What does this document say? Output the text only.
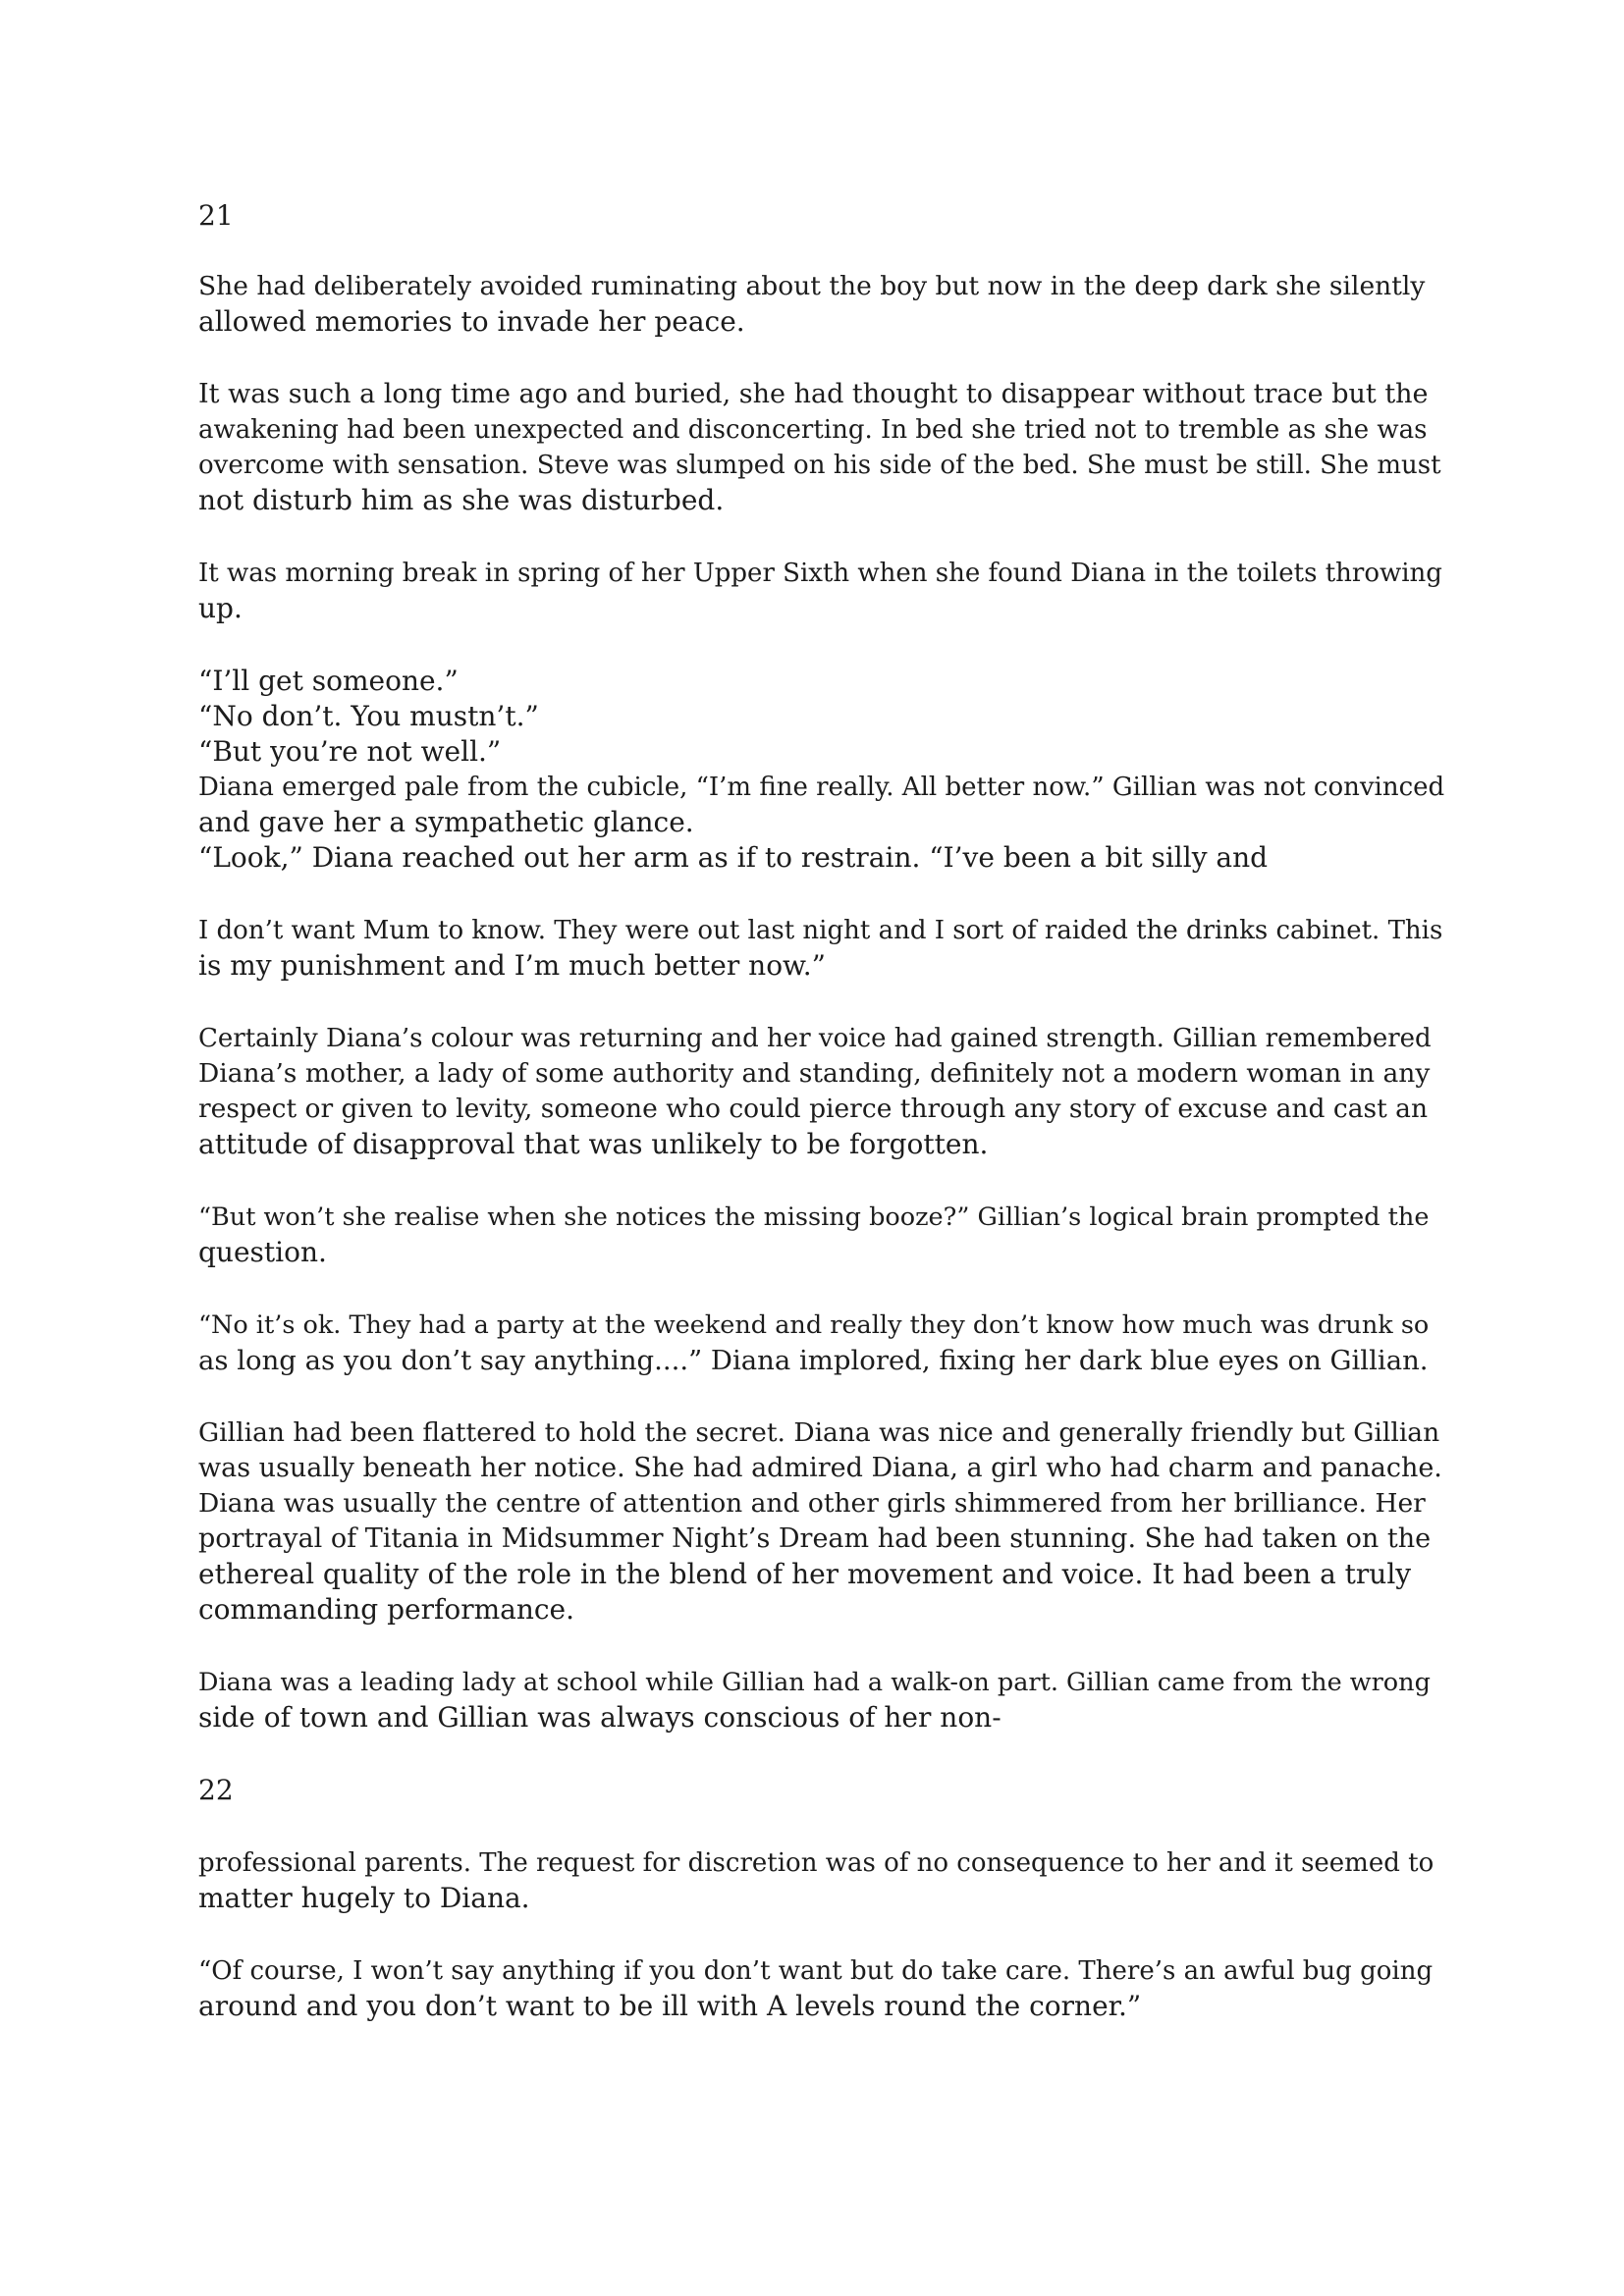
21

She had deliberately avoided ruminating about the boy but now in the deep dark she silently

allowed memories to invade her peace.

It was such a long time ago and buried, she had thought to disappear without trace but the

awakening had been unexpected and disconcerting. In bed she tried not to tremble as she was

overcome with sensation. Steve was slumped on his side of the bed. She must be still. She must

not disturb him as she was disturbed.

It was morning break in spring of her Upper Sixth when she found Diana in the toilets throwing

up.

“I’ll get someone.”

“No don’t. You mustn’t.”

“But you’re not well.”

Diana emerged pale from the cubicle, “I’m fine really. All better now.” Gillian was not convinced

and gave her a sympathetic glance.

“Look,” Diana reached out her arm as if to restrain. “I’ve been a bit silly and

I don’t want Mum to know. They were out last night and I sort of raided the drinks cabinet. This

is my punishment and I’m much better now.”

Certainly Diana’s colour was returning and her voice had gained strength. Gillian remembered

Diana’s mother, a lady of some authority and standing, definitely not a modern woman in any

respect or given to levity, someone who could pierce through any story of excuse and cast an

attitude of disapproval that was unlikely to be forgotten.

“But won’t she realise when she notices the missing booze?” Gillian’s logical brain prompted the

question.

“No it’s ok. They had a party at the weekend and really they don’t know how much was drunk so

as long as you don’t say anything....” Diana implored, fixing her dark blue eyes on Gillian.

Gillian had been flattered to hold the secret. Diana was nice and generally friendly but Gillian

was usually beneath her notice. She had admired Diana, a girl who had charm and panache.

Diana was usually the centre of attention and other girls shimmered from her brilliance. Her

portrayal of Titania in Midsummer Night’s Dream had been stunning. She had taken on the

ethereal quality of the role in the blend of her movement and voice. It had been a truly

commanding performance.

Diana was a leading lady at school while Gillian had a walk-on part. Gillian came from the wrong

side of town and Gillian was always conscious of her non-

22

professional parents. The request for discretion was of no consequence to her and it seemed to

matter hugely to Diana.

“Of course, I won’t say anything if you don’t want but do take care. There’s an awful bug going

around and you don’t want to be ill with A levels round the corner.”
